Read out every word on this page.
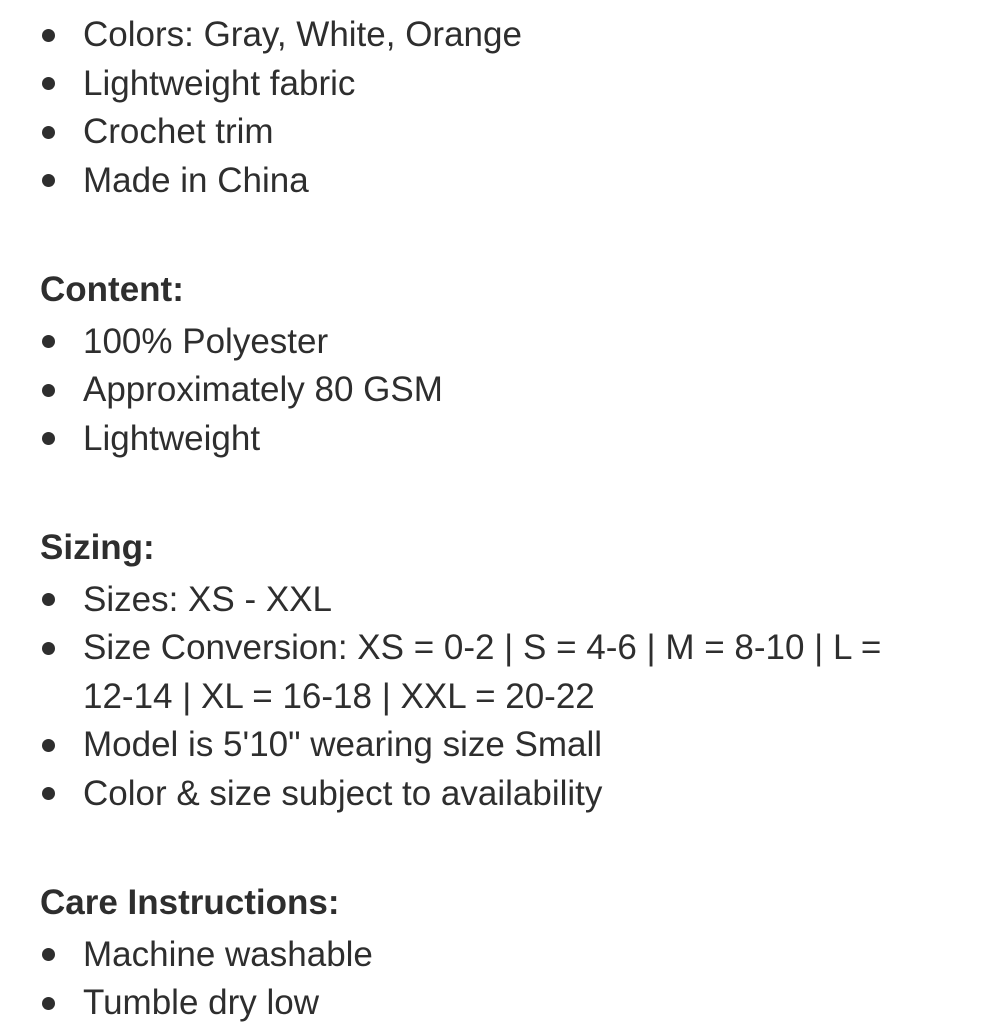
Colors: Gray, White, Orange
Lightweight fabric
Crochet trim
Made in China

Content:

100% Polyester
Approximately 80 GSM
Lightweight

Sizing:

Sizes: XS - XXL
Size Conversion: XS = 0-2 | S = 4-6 | M = 8-10 | L = 12-14 | XL = 16-18 | XXL = 20-22
Model is 5'10" wearing size Small
Color & size subject to availability

Care Instructions:

Machine washable
Tumble dry low
